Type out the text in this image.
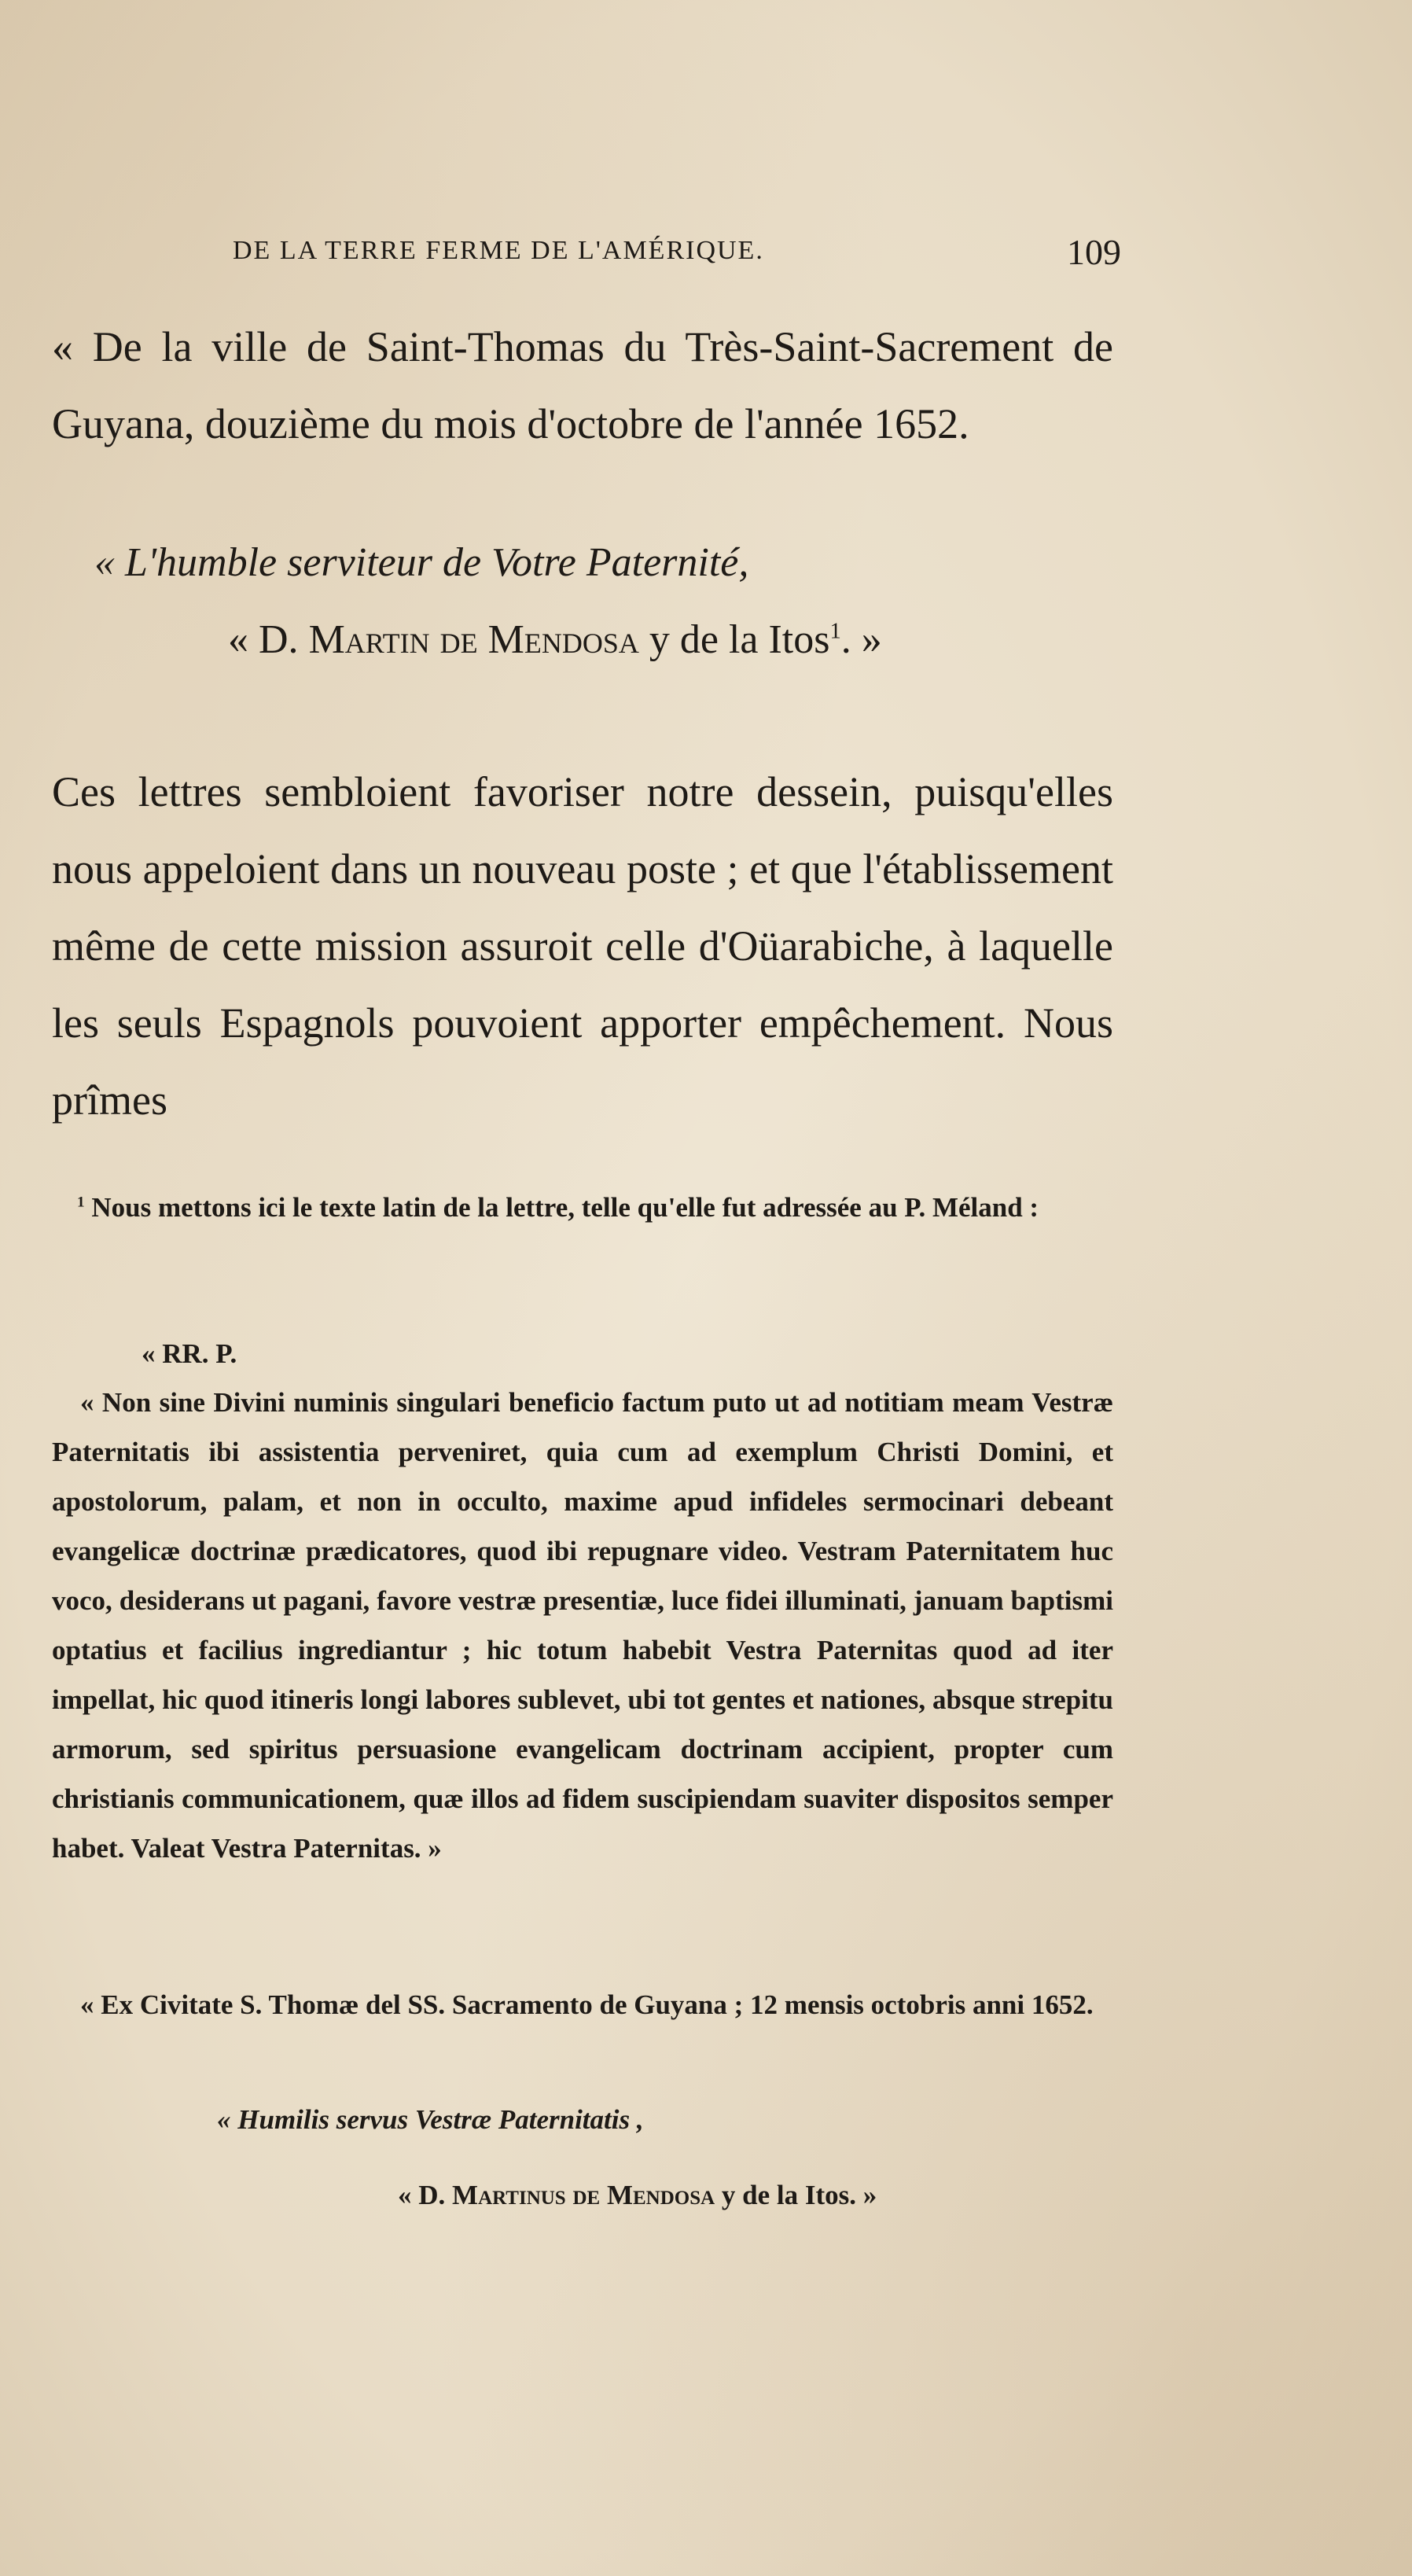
DE LA TERRE FERME DE L'AMÉRIQUE.	109
« De la ville de Saint-Thomas du Très-Saint-Sacrement de Guyana, douzième du mois d'octobre de l'année 1652.
« L'humble serviteur de Votre Paternité,
« D. Martin de Mendosa y de la Itos$^1$. »
Ces lettres sembloient favoriser notre dessein, puisqu'elles nous appeloient dans un nouveau poste ; et que l'établissement même de cette mission assuroit celle d'Oüarabiche, à laquelle les seuls Espagnols pouvoient apporter empêchement. Nous prîmes
$^1$ Nous mettons ici le texte latin de la lettre, telle qu'elle fut adressée au P. Méland :
« RR. P.
« Non sine Divini numinis singulari beneficio factum puto ut ad notitiam meam Vestræ Paternitatis ibi assistentia perveniret, quia cum ad exemplum Christi Domini, et apostolorum, palam, et non in occulto, maxime apud infideles sermocinari debeant evangelicæ doctrinæ prædicatores, quod ibi repugnare video. Vestram Paternitatem huc voco, desiderans ut pagani, favore vestræ presentiæ, luce fidei illuminati, januam baptismi optatius et facilius ingrediantur ; hic totum habebit Vestra Paternitas quod ad iter impellat, hic quod itineris longi labores sublevet, ubi tot gentes et nationes, absque strepitu armorum, sed spiritus persuasione evangelicam doctrinam accipient, propter cum christianis communicationem, quæ illos ad fidem suscipiendam suaviter dispositos semper habet. Valeat Vestra Paternitas. »
« Ex Civitate S. Thomæ del SS. Sacramento de Guyana ; 12 mensis octobris anni 1652.
« Humilis servus Vestræ Paternitatis ,
« D. Martinus de Mendosa y de la Itos. »
